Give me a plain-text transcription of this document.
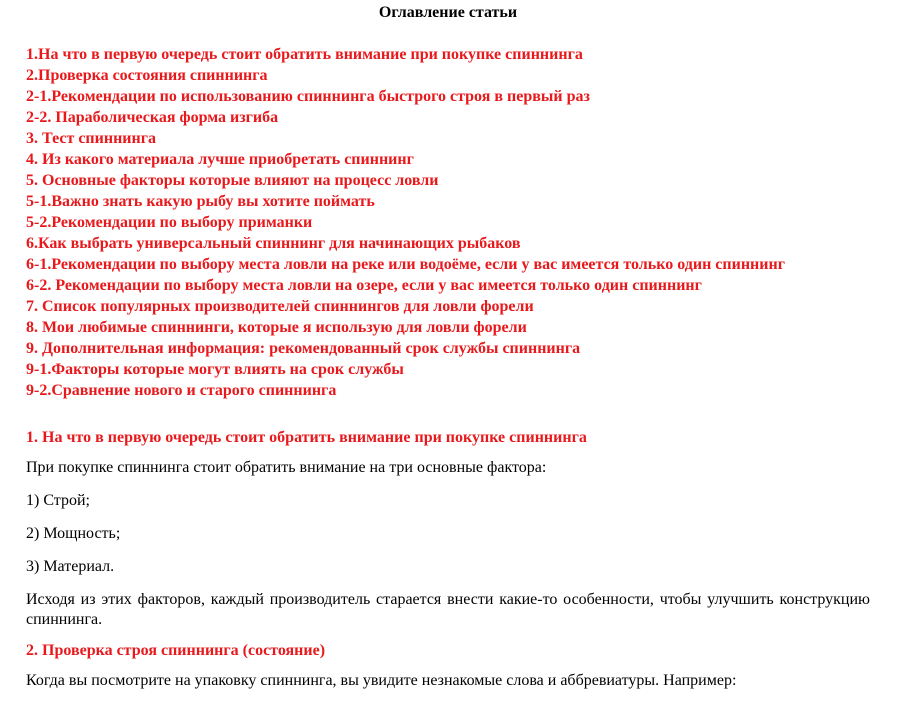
Оглавление статьи
1.На что в первую очередь стоит обратить внимание при покупке спиннинга
2.Проверка состояния спиннинга
2-1.Рекомендации по использованию спиннинга быстрого строя в первый раз
2-2. Параболическая форма изгиба
3. Тест спиннинга
4. Из какого материала лучше приобретать спиннинг
5. Основные факторы которые влияют на процесс ловли
5-1.Важно знать какую рыбу вы хотите поймать
5-2.Рекомендации по выбору приманки
6.Как выбрать универсальный спиннинг для начинающих рыбаков
6-1.Рекомендации по выбору места ловли на реке или водоёме, если у вас имеется только один спиннинг
6-2. Рекомендации по выбору места ловли на озере, если у вас имеется только один спиннинг
7. Список популярных производителей спиннингов для ловли форели
8. Мои любимые спиннинги, которые я использую для ловли форели
9. Дополнительная информация: рекомендованный срок службы спиннинга
9-1.Факторы которые могут влиять на срок службы
9-2.Сравнение нового и старого спиннинга
1. На что в первую очередь стоит обратить внимание при покупке спиннинга

При покупке спиннинга стоит обратить внимание на три основные фактора:

1) Строй;

2) Мощность;

3) Материал.

Исходя из этих факторов, каждый производитель старается внести какие-то особенности, чтобы улучшить конструкцию спиннинга.

2. Проверка строя спиннинга (состояние)

Когда вы посмотрите на упаковку спиннинга, вы увидите незнакомые слова и аббревиатуры. Например:
